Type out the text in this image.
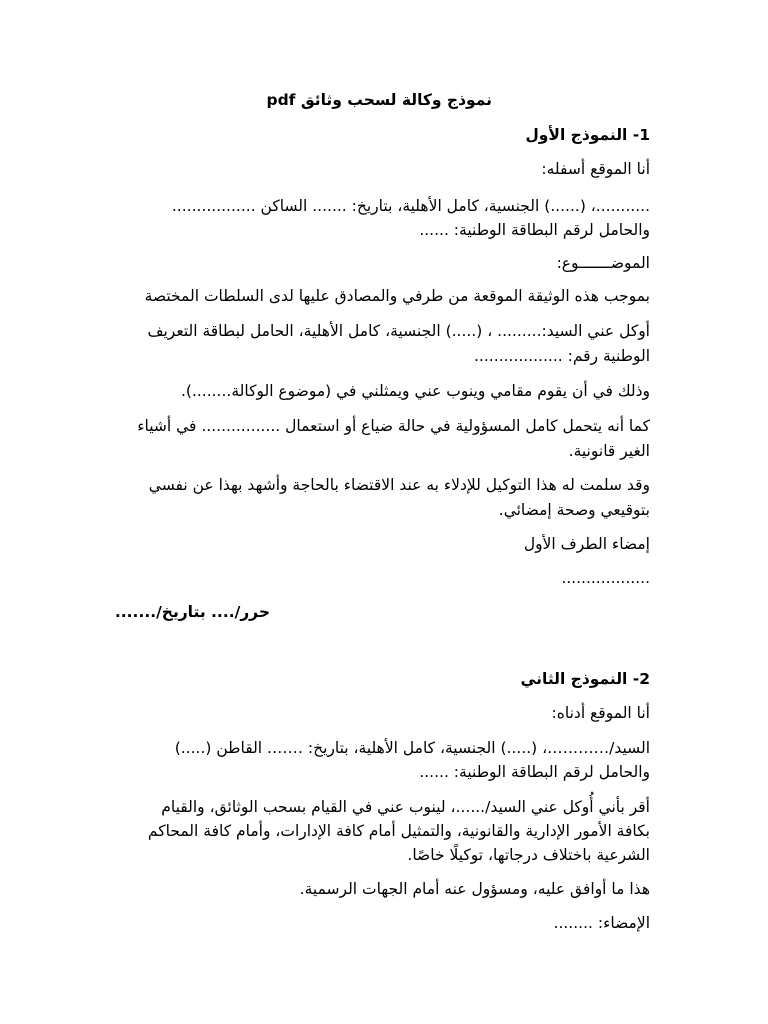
نموذج وكالة لسحب وثائق pdf
1- النموذج الأول
أنا الموقع أسفله:
...........، (......) الجنسية، كامل الأهلية، بتاريخ: ....... الساكن .................
والحامل لرقم البطاقة الوطنية: ......
الموضـــــــوع:
بموجب هذه الوثيقة الموقعة من طرفي والمصادق عليها لدى السلطات المختصة
أوكل عني السيد:......... ، (.....) الجنسية، كامل الأهلية، الحامل لبطاقة التعريف
الوطنية رقم: ..................
وذلك في أن يقوم مقامي وينوب عني ويمثلني في (موضوع الوكالة........).
كما أنه يتحمل كامل المسؤولية في حالة ضياع أو استعمال ................ في أشياء
الغير قانونية.
وقد سلمت له هذا التوكيل للإدلاء به عند الاقتضاء بالحاجة وأشهد بهذا عن نفسي
بتوقيعي وصحة إمضائي.
إمضاء الطرف الأول
..................
حرر/.... بتاريخ/.......
2- النموذج الثاني
أنا الموقع أدناه:
السيد/…………، (.....) الجنسية، كامل الأهلية، بتاريخ: ……. القاطن (.....)
والحامل لرقم البطاقة الوطنية: ......
أقر بأني أُوكل عني السيد/......، لينوب عني في القيام بسحب الوثائق، والقيام
بكافة الأمور الإدارية والقانونية، والتمثيل أمام كافة الإدارات، وأمام كافة المحاكم
الشرعية باختلاف درجاتها، توكيلًا خاصًا.
هذا ما أوافق عليه، ومسؤول عنه أمام الجهات الرسمية.
الإمضاء: ........
